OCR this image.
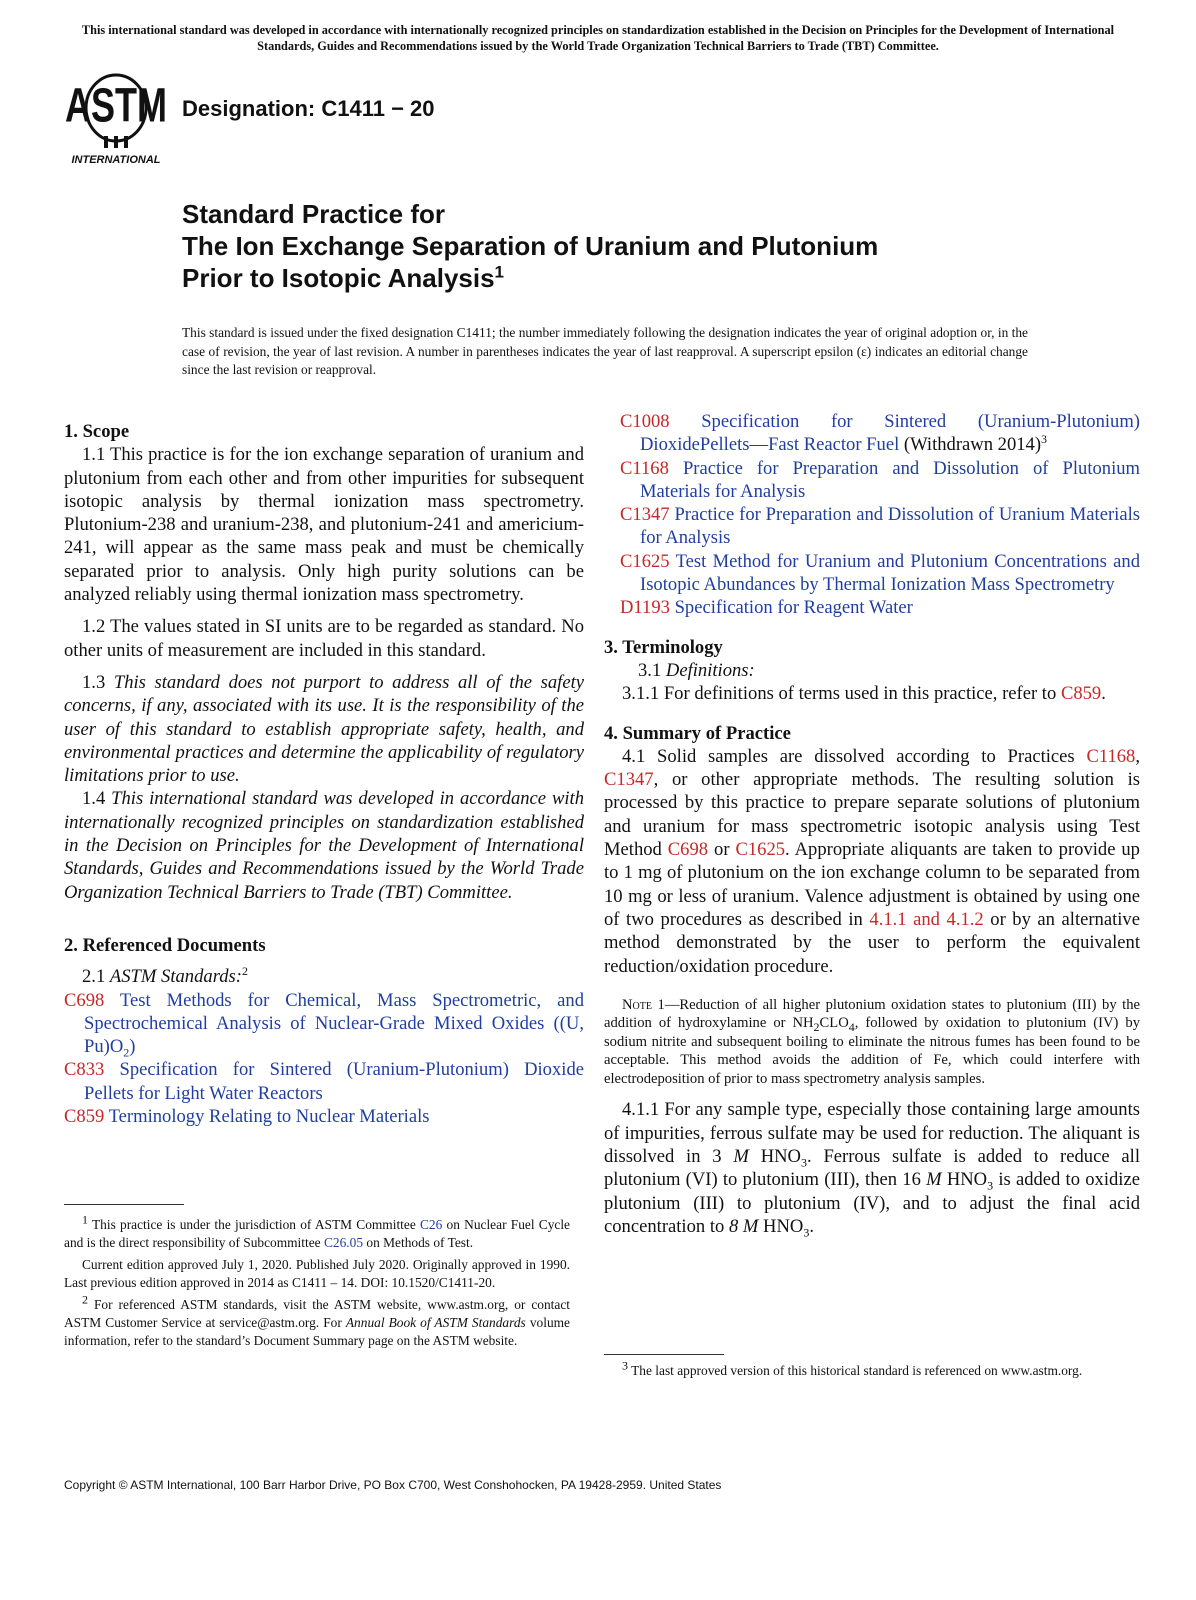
This international standard was developed in accordance with internationally recognized principles on standardization established in the Decision on Principles for the Development of International Standards, Guides and Recommendations issued by the World Trade Organization Technical Barriers to Trade (TBT) Committee.
ASTM
INTERNATIONAL
Designation: C1411 − 20
Standard Practice for
The Ion Exchange Separation of Uranium and Plutonium
Prior to Isotopic Analysis$^1$
This standard is issued under the fixed designation C1411; the number immediately following the designation indicates the year of original adoption or, in the case of revision, the year of last revision. A number in parentheses indicates the year of last reapproval. A superscript epsilon (ε) indicates an editorial change since the last revision or reapproval.

1. Scope

1.1 This practice is for the ion exchange separation of uranium and plutonium from each other and from other impurities for subsequent isotopic analysis by thermal ionization mass spectrometry. Plutonium-238 and uranium-238, and plutonium-241 and americium-241, will appear as the same mass peak and must be chemically separated prior to analysis. Only high purity solutions can be analyzed reliably using thermal ionization mass spectrometry.

1.2 The values stated in SI units are to be regarded as standard. No other units of measurement are included in this standard.

1.3 This standard does not purport to address all of the safety concerns, if any, associated with its use. It is the responsibility of the user of this standard to establish appropriate safety, health, and environmental practices and determine the applicability of regulatory limitations prior to use.

1.4 This international standard was developed in accordance with internationally recognized principles on standardization established in the Decision on Principles for the Development of International Standards, Guides and Recommendations issued by the World Trade Organization Technical Barriers to Trade (TBT) Committee.

2. Referenced Documents

2.1 ASTM Standards:$^2$

C698 Test Methods for Chemical, Mass Spectrometric, and Spectrochemical Analysis of Nuclear-Grade Mixed Oxides ((U, $Pu)O_2$)

C833 Specification for Sintered (Uranium-Plutonium) Dioxide Pellets for Light Water Reactors

C859 Terminology Relating to Nuclear Materials

$^1$ This practice is under the jurisdiction of ASTM Committee C26 on Nuclear Fuel Cycle and is the direct responsibility of Subcommittee C26.05 on Methods of Test.

Current edition approved July 1, 2020. Published July 2020. Originally approved in 1990. Last previous edition approved in 2014 as C1411 – 14. DOI: 10.1520/C1411-20.

$^2$ For referenced ASTM standards, visit the ASTM website, www.astm.org, or contact ASTM Customer Service at service@astm.org. For Annual Book of ASTM Standards volume information, refer to the standard’s Document Summary page on the ASTM website.

C1008 Specification for Sintered (Uranium-Plutonium) DioxidePellets—Fast Reactor Fuel (Withdrawn 2014)$^3$

C1168 Practice for Preparation and Dissolution of Plutonium Materials for Analysis

C1347 Practice for Preparation and Dissolution of Uranium Materials for Analysis

C1625 Test Method for Uranium and Plutonium Concentrations and Isotopic Abundances by Thermal Ionization Mass Spectrometry

D1193 Specification for Reagent Water

3. Terminology

3.1 Definitions:

3.1.1 For definitions of terms used in this practice, refer to C859.

4. Summary of Practice

4.1 Solid samples are dissolved according to Practices C1168, C1347, or other appropriate methods. The resulting solution is processed by this practice to prepare separate solutions of plutonium and uranium for mass spectrometric isotopic analysis using Test Method C698 or C1625. Appropriate aliquants are taken to provide up to 1 mg of plutonium on the ion exchange column to be separated from 10 mg or less of uranium. Valence adjustment is obtained by using one of two procedures as described in 4.1.1 and 4.1.2 or by an alternative method demonstrated by the user to perform the equivalent reduction/oxidation procedure.

Note 1—Reduction of all higher plutonium oxidation states to plutonium (III) by the addition of hydroxylamine or $NH_2CLO_4$, followed by oxidation to plutonium (IV) by sodium nitrite and subsequent boiling to eliminate the nitrous fumes has been found to be acceptable. This method avoids the addition of Fe, which could interfere with electrodeposition of prior to mass spectrometry analysis samples.

4.1.1 For any sample type, especially those containing large amounts of impurities, ferrous sulfate may be used for reduction. The aliquant is dissolved in 3 M $HNO_3$. Ferrous sulfate is added to reduce all plutonium (VI) to plutonium (III), then 16 M $HNO_3$ is added to oxidize plutonium (III) to plutonium (IV), and to adjust the final acid concentration to 8 M $HNO_3$.

$^3$ The last approved version of this historical standard is referenced on www.astm.org.

Copyright © ASTM International, 100 Barr Harbor Drive, PO Box C700, West Conshohocken, PA 19428-2959. United States
